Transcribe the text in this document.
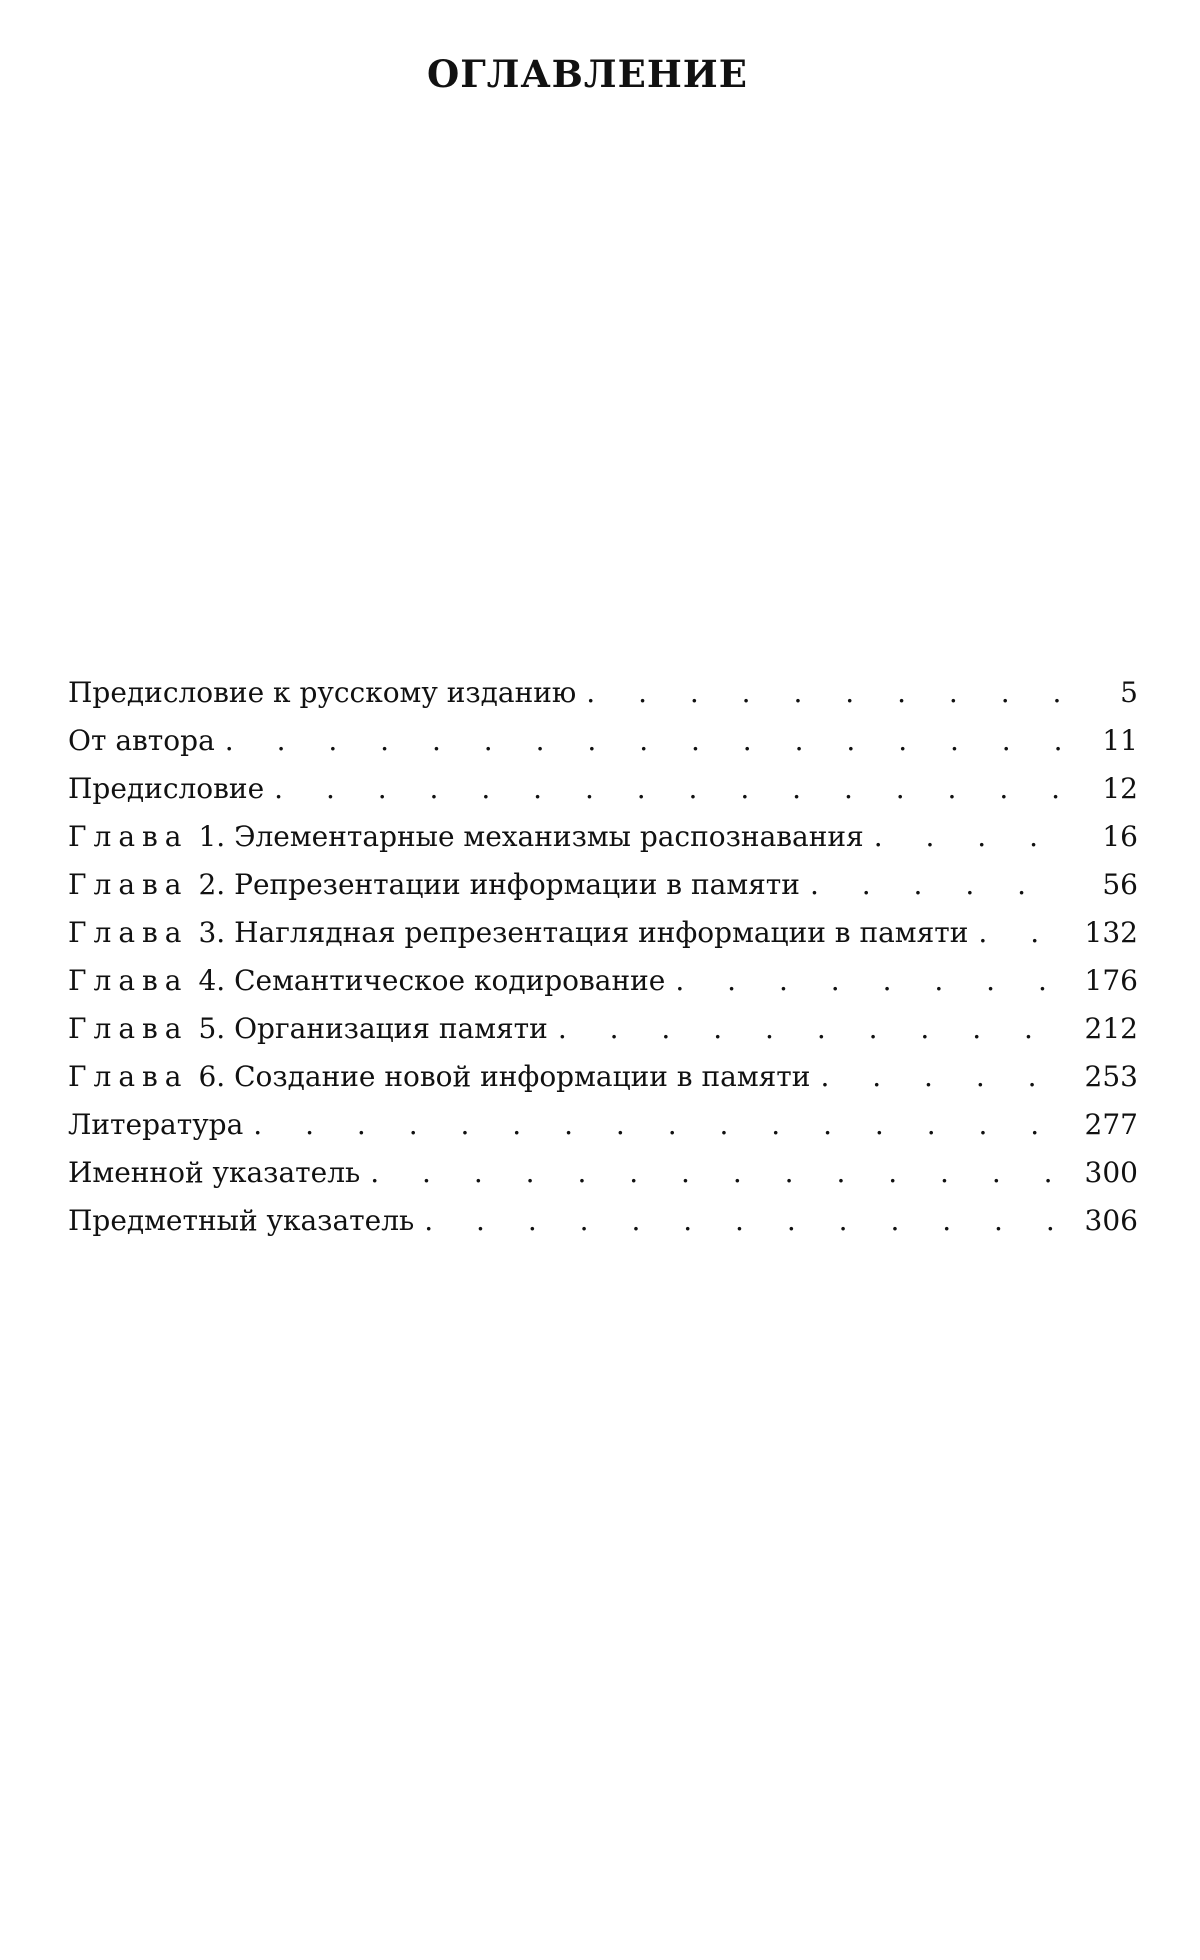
ОГЛАВЛЕНИЕ
Предисловие к русскому изданию . . .	5
От автора . . .	11
Предисловие . . .	12
Глава 1. Элементарные механизмы распознавания . . .	16
Глава 2. Репрезентации информации в памяти . . .	56
Глава 3. Наглядная репрезентация информации в памяти . . .	132
Глава 4. Семантическое кодирование . . .	176
Глава 5. Организация памяти . . .	212
Глава 6. Создание новой информации в памяти . . .	253
Литература . . .	277
Именной указатель . . .	300
Предметный указатель . . .	306
